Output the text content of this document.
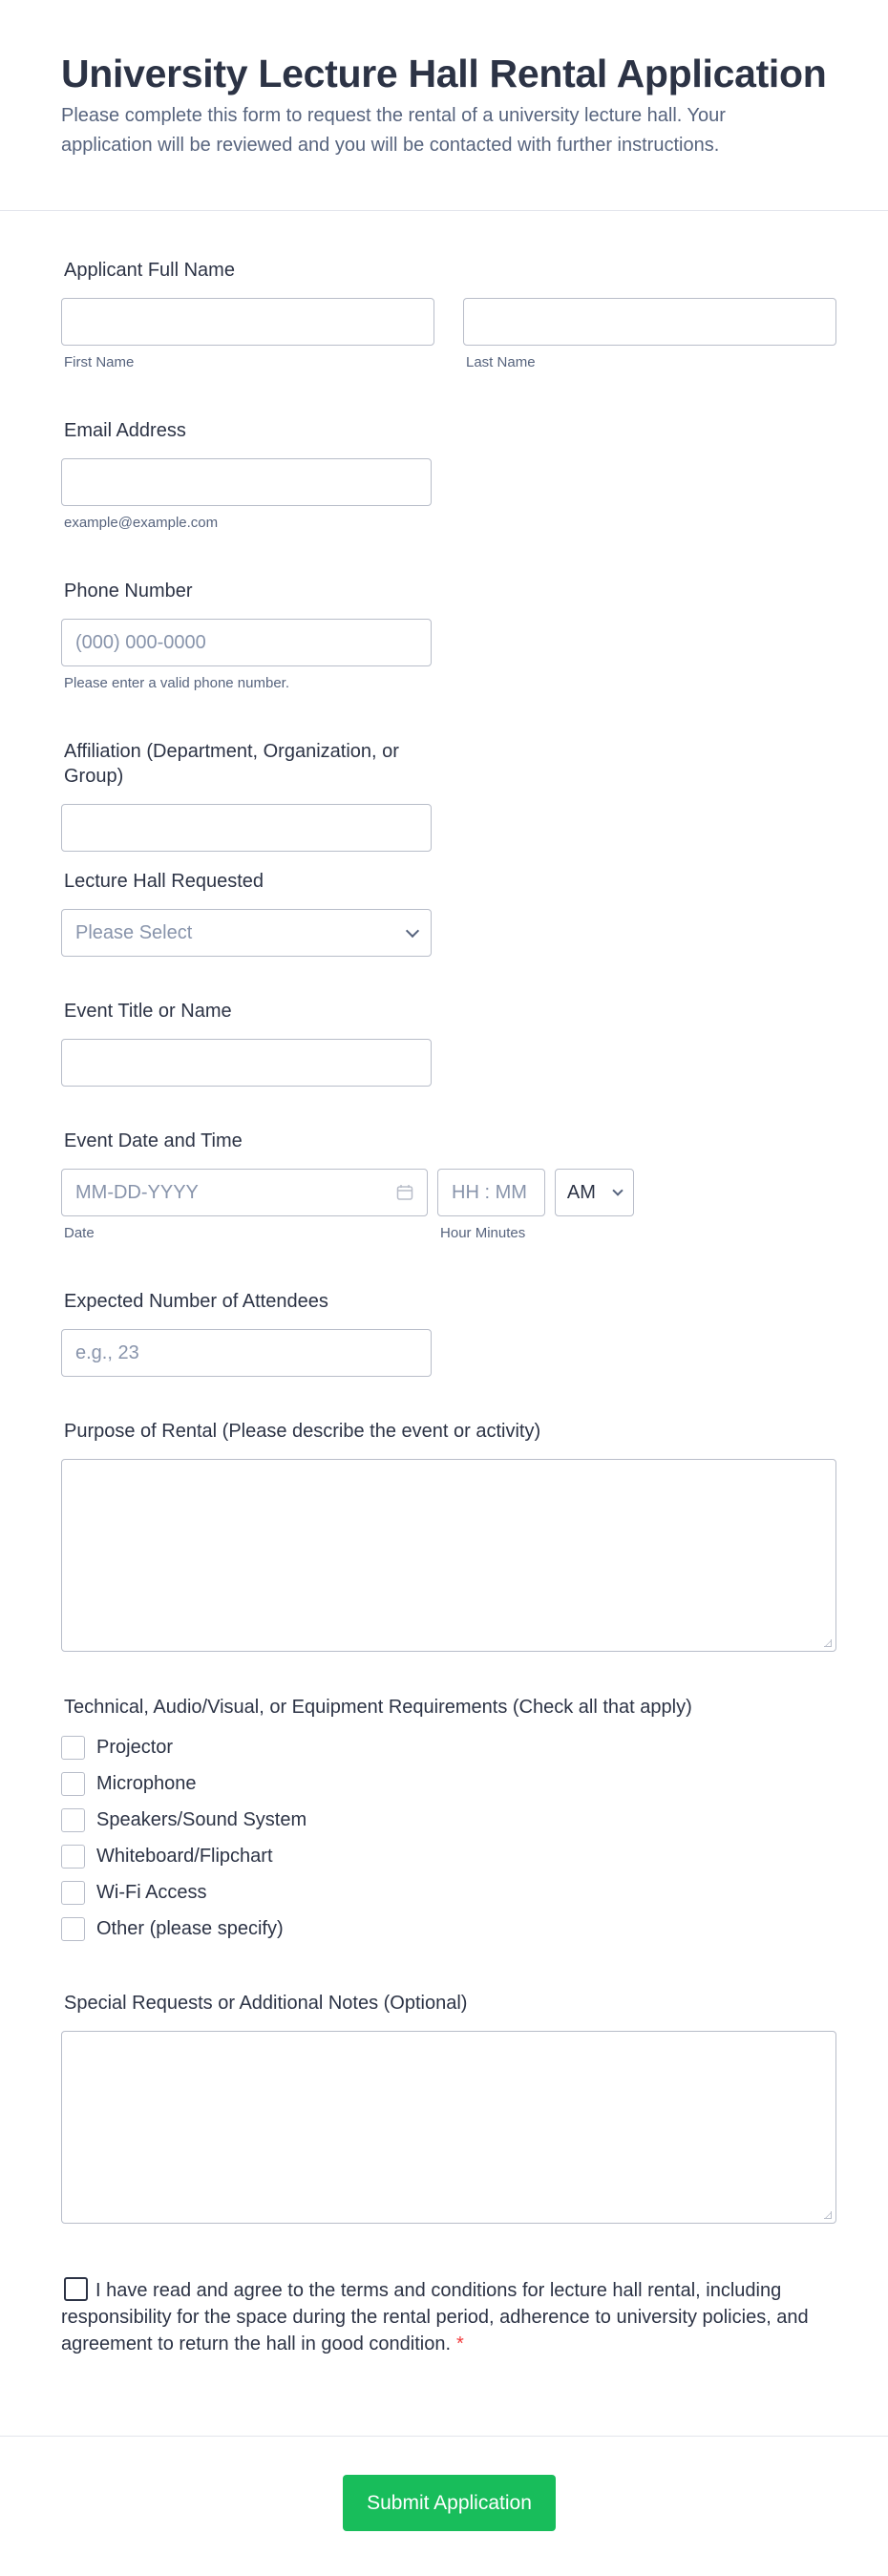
University Lecture Hall Rental Application

Please complete this form to request the rental of a university lecture hall. Your application will be reviewed and you will be contacted with further instructions.

Applicant Full Name
First Name	Last Name
Email Address
example@example.com
Phone Number
(000) 000-0000
Please enter a valid phone number.
Affiliation (Department, Organization, or Group)
Lecture Hall Requested
Please Select
Event Title or Name
Event Date and Time
MM-DD-YYYY
Date
HH : MM
Hour Minutes
AM
Expected Number of Attendees
e.g., 23
Purpose of Rental (Please describe the event or activity)
Technical, Audio/Visual, or Equipment Requirements (Check all that apply)
Projector
Microphone
Speakers/Sound System
Whiteboard/Flipchart
Wi-Fi Access
Other (please specify)
Special Requests or Additional Notes (Optional)
I have read and agree to the terms and conditions for lecture hall rental, including responsibility for the space during the rental period, adherence to university policies, and agreement to return the hall in good condition. *
Submit Application
